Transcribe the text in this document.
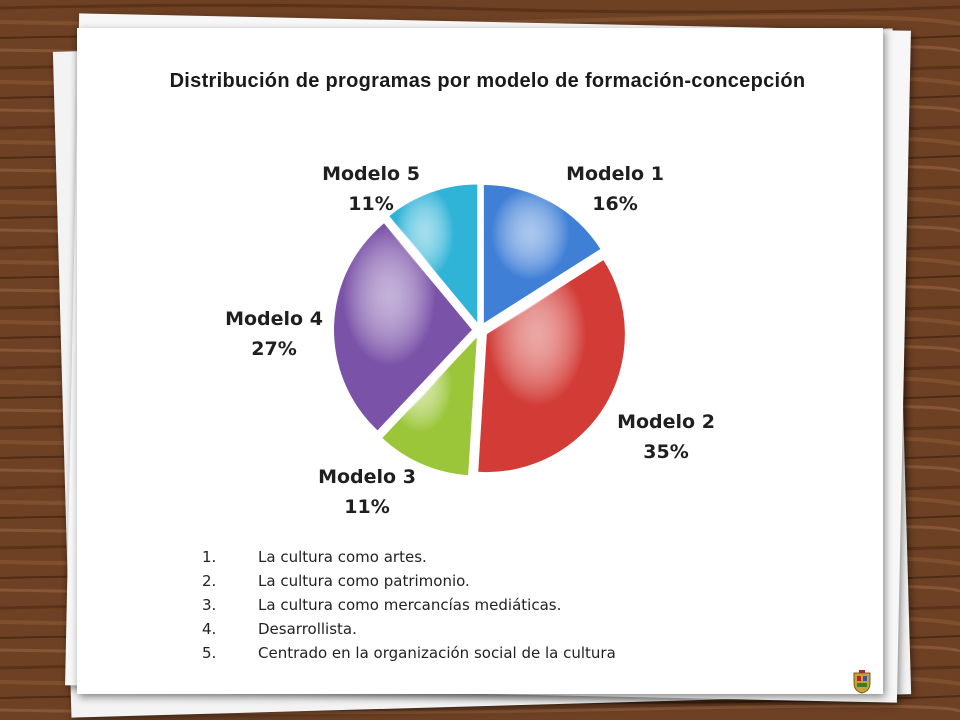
Distribución de programas por modelo de formación-concepción
Modelo 1
16%
Modelo 2
35%
Modelo 3
11%
Modelo 4
27%
Modelo 5
11%
1.	La cultura como artes.
2.	La cultura como patrimonio.
3.	La cultura como mercancías mediáticas.
4.	Desarrollista.
5.	Centrado en la organización social de la cultura
